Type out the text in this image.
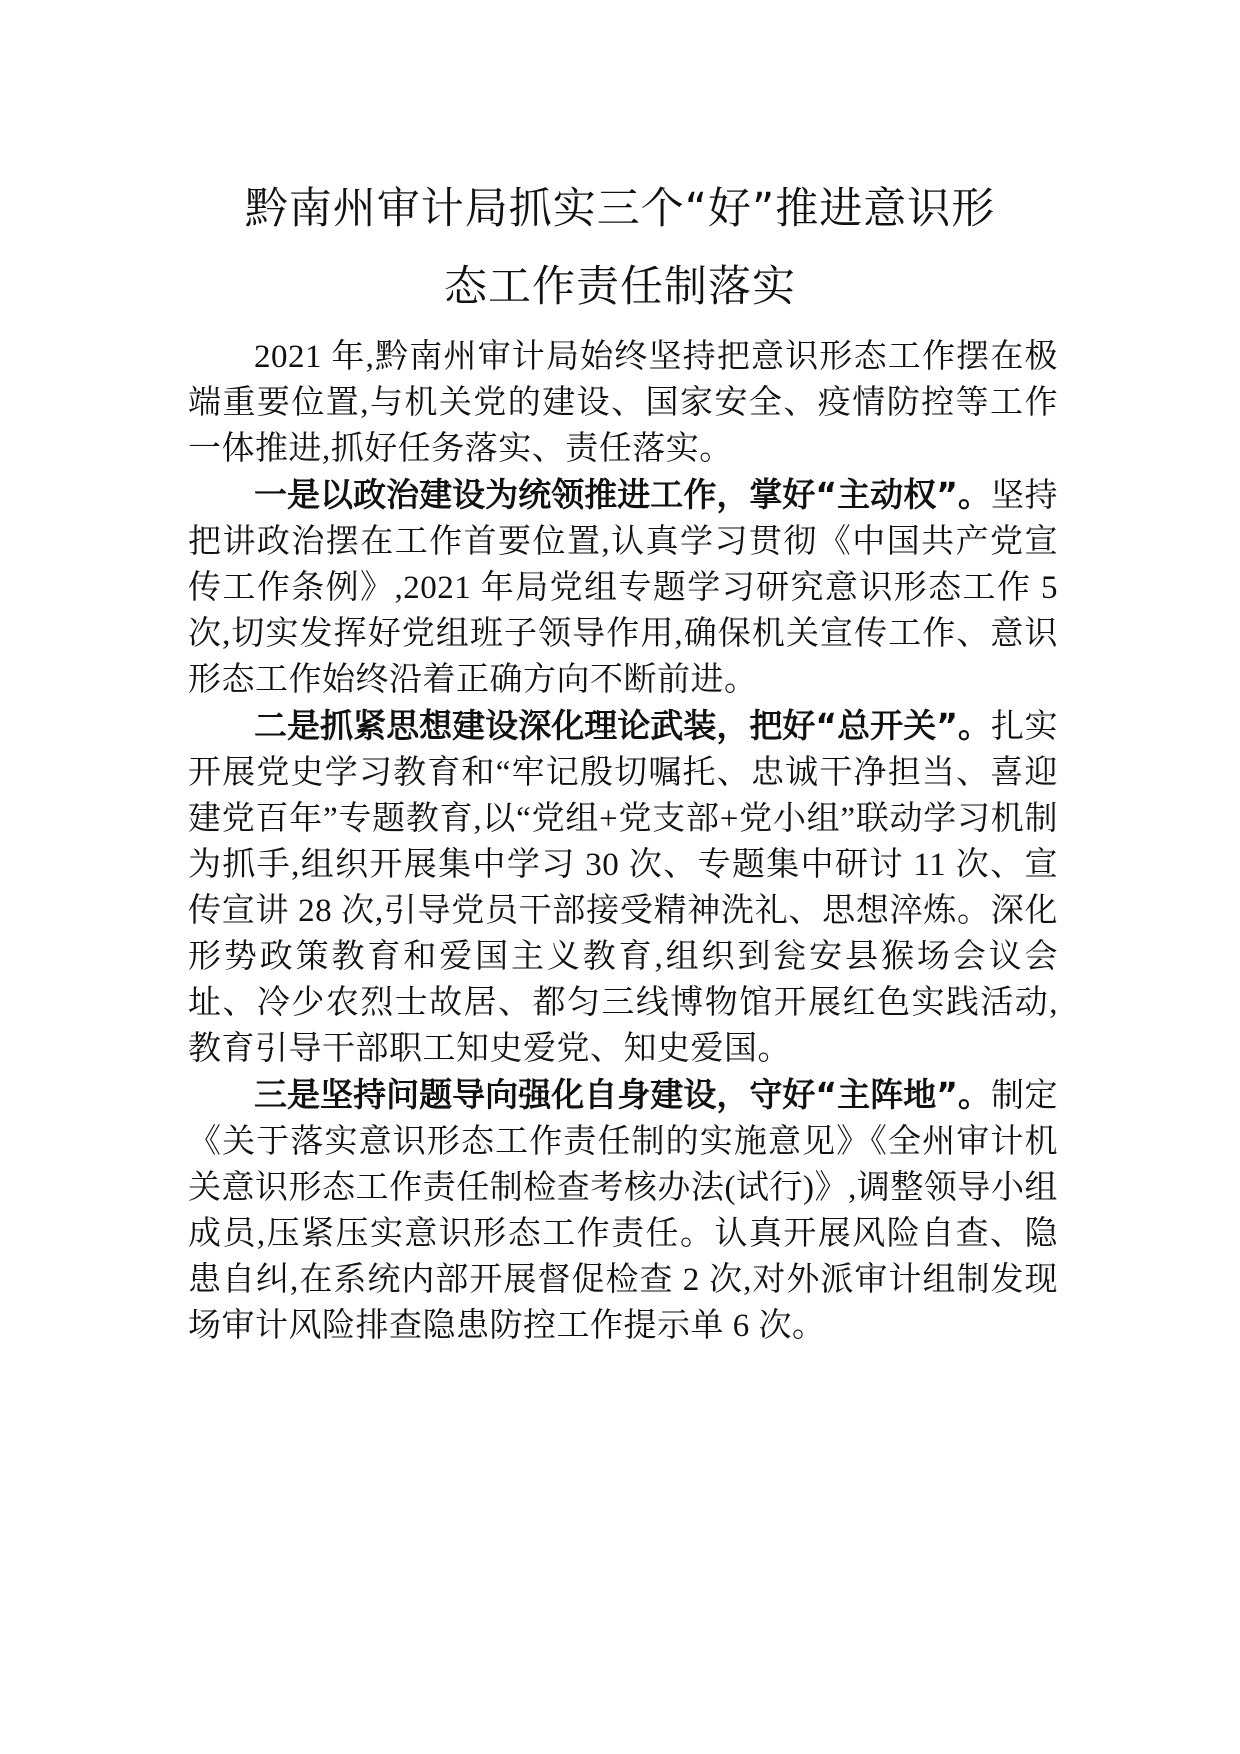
黔南州审计局抓实三个“好”推进意识形
态工作责任制落实

2021 年,黔南州审计局始终坚持把意识形态工作摆在极端重要位置,与机关党的建设、国家安全、疫情防控等工作一体推进,抓好任务落实、责任落实。

一是以政治建设为统领推进工作，掌好“主动权”。坚持把讲政治摆在工作首要位置,认真学习贯彻《中国共产党宣传工作条例》,2021 年局党组专题学习研究意识形态工作 5 次,切实发挥好党组班子领导作用,确保机关宣传工作、意识形态工作始终沿着正确方向不断前进。

二是抓紧思想建设深化理论武装，把好“总开关”。扎实开展党史学习教育和“牢记殷切嘱托、忠诚干净担当、喜迎建党百年”专题教育,以“党组+党支部+党小组”联动学习机制为抓手,组织开展集中学习 30 次、专题集中研讨 11 次、宣传宣讲 28 次,引导党员干部接受精神洗礼、思想淬炼。深化形势政策教育和爱国主义教育,组织到瓮安县猴场会议会址、冷少农烈士故居、都匀三线博物馆开展红色实践活动,教育引导干部职工知史爱党、知史爱国。

三是坚持问题导向强化自身建设，守好“主阵地”。制定《关于落实意识形态工作责任制的实施意见》《全州审计机关意识形态工作责任制检查考核办法(试行)》,调整领导小组成员,压紧压实意识形态工作责任。认真开展风险自查、隐患自纠,在系统内部开展督促检查 2 次,对外派审计组制发现场审计风险排查隐患防控工作提示单 6 次。
